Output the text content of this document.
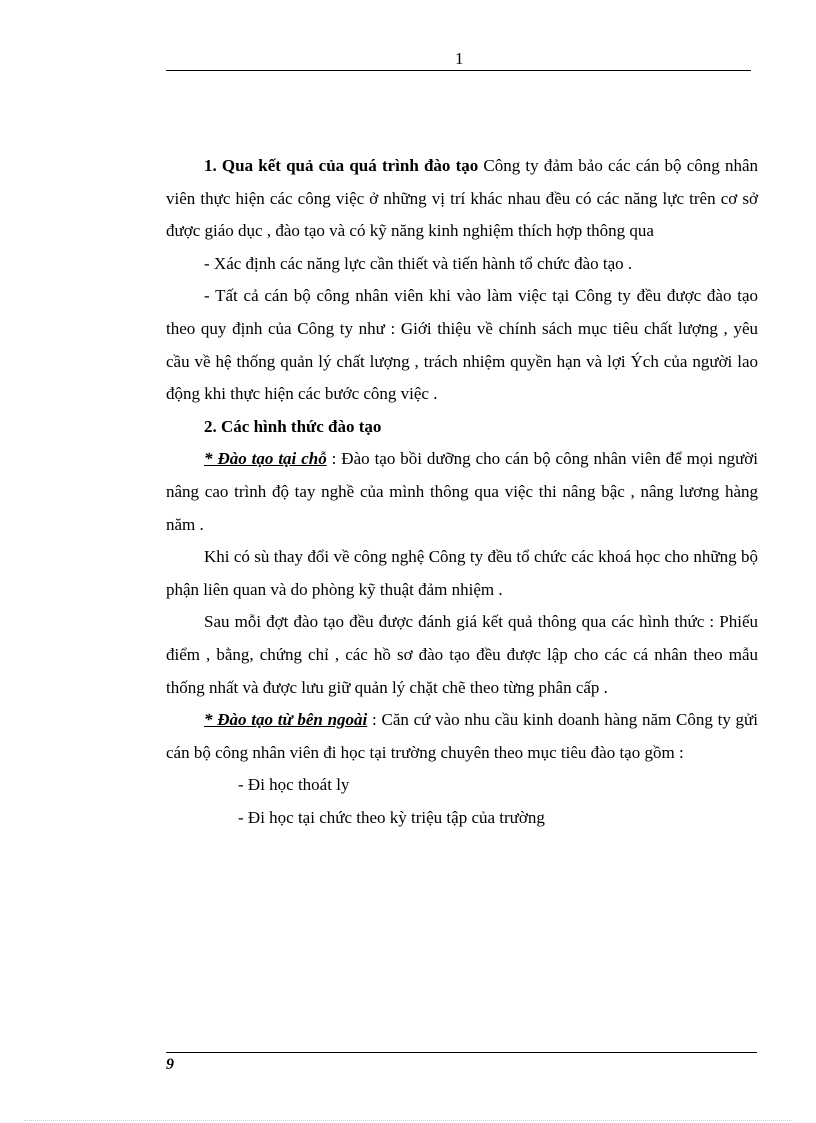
1

1. Qua kết quả của quá trình đào tạo Công ty đảm bảo các cán bộ công nhân viên thực hiện các công việc ở những vị trí khác nhau đều có các năng lực trên cơ sở được giáo dục , đào tạo và có kỹ năng kinh nghiệm thích hợp thông qua

- Xác định các năng lực cần thiết và tiến hành tổ chức đào tạo .

- Tất cả cán bộ công nhân viên khi vào làm việc tại Công ty đều được đào tạo theo quy định của Công ty như : Giới thiệu về chính sách mục tiêu chất lượng , yêu cầu về hệ thống quản lý chất lượng , trách nhiệm quyền hạn và lợi Ých của người lao động khi thực hiện các bước công việc .

2. Các hình thức đào tạo

* Đào tạo tại chỗ : Đào tạo bồi dưỡng cho cán bộ công nhân viên để mọi người nâng cao trình độ tay nghề của mình thông qua việc thi nâng bậc , nâng lương hàng năm .

Khi có sù thay đổi về công nghệ Công ty đều tổ chức các khoá học cho những bộ phận liên quan và do phòng kỹ thuật đảm nhiệm .

Sau mỗi đợt đào tạo đều được đánh giá kết quả thông qua các hình thức : Phiếu điểm , bằng, chứng chỉ , các hồ sơ đào tạo đều được lập cho các cá nhân theo mẫu thống nhất và được lưu giữ quản lý chặt chẽ theo từng phân cấp .

* Đào tạo từ bên ngoài : Căn cứ vào nhu cầu kinh doanh hàng năm Công ty gửi cán bộ công nhân viên đi học tại trường chuyên theo mục tiêu đào tạo gồm :

- Đi học thoát ly

- Đi học tại chức theo kỳ triệu tập của trường

9
